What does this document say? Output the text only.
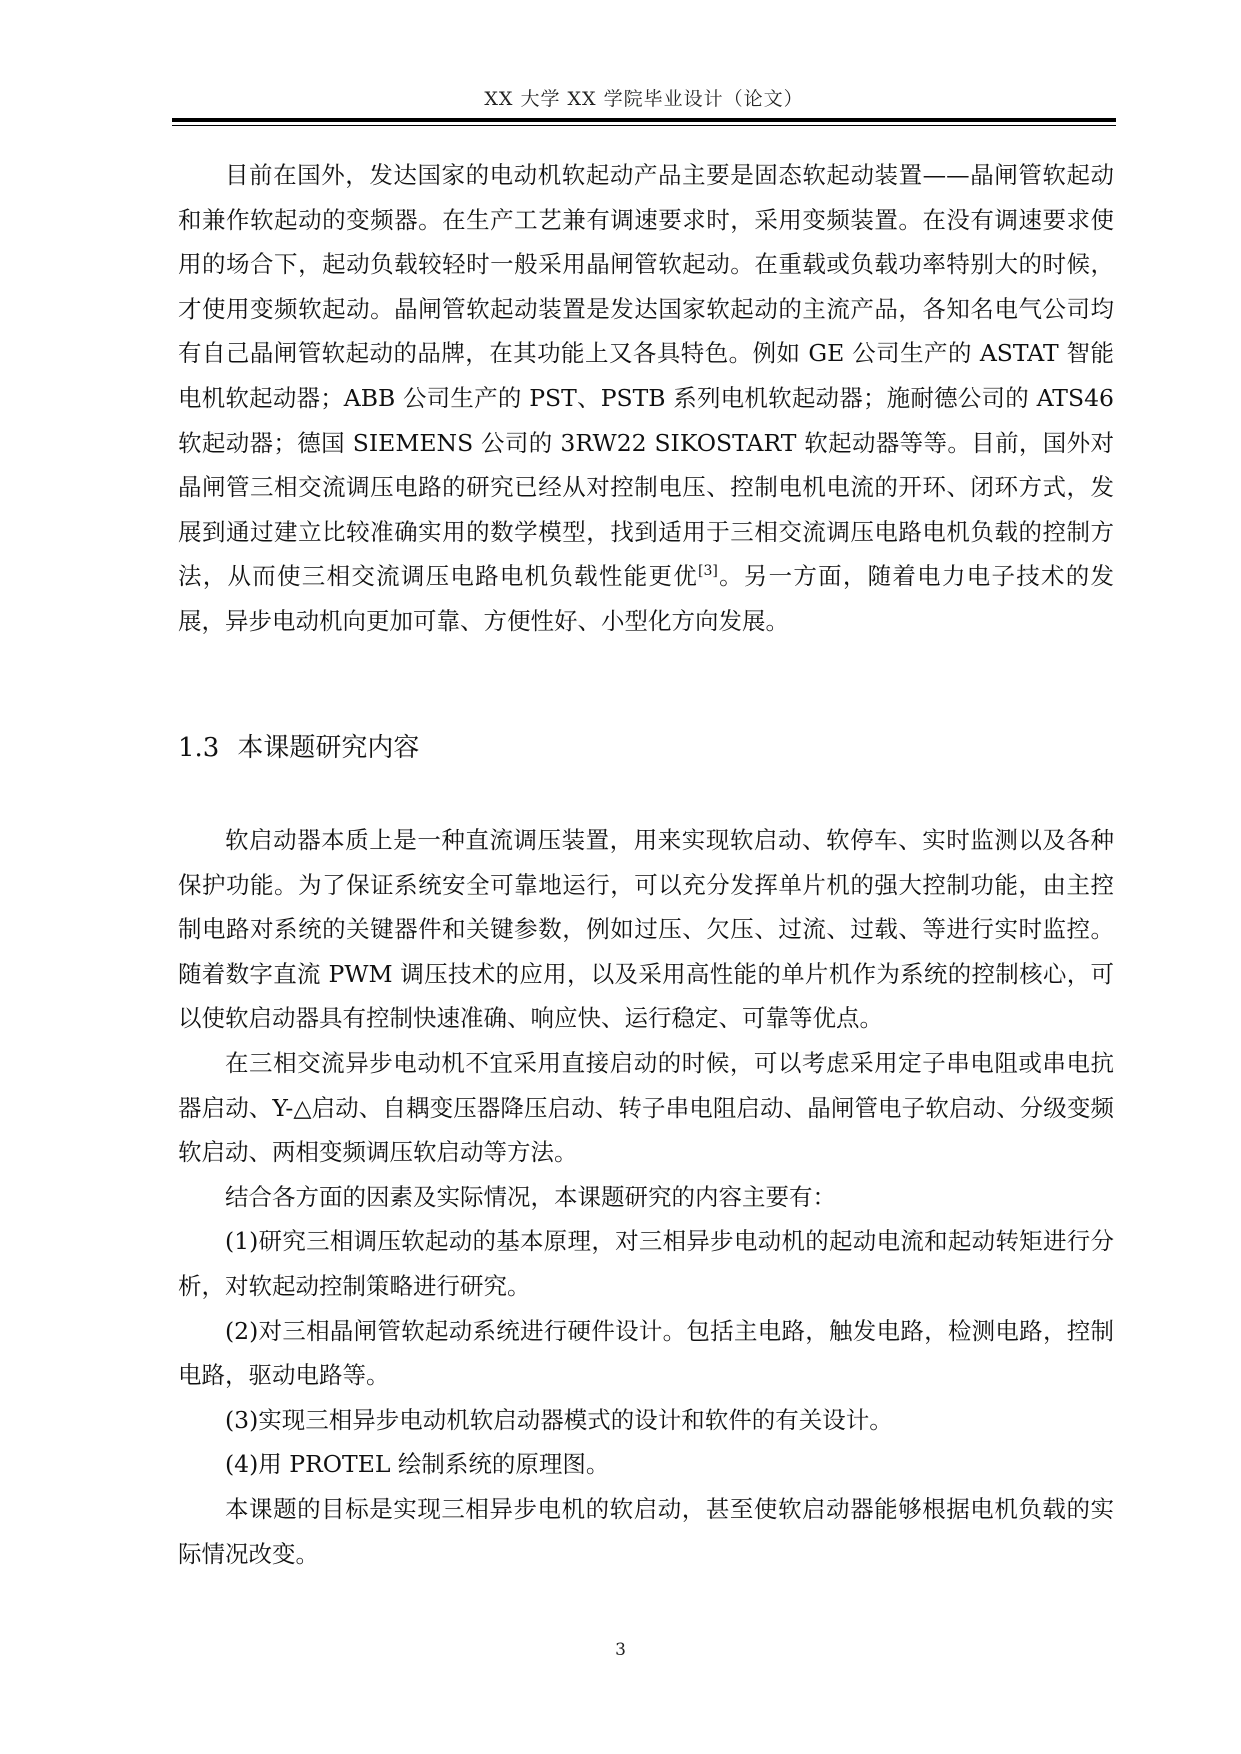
XX 大学 XX 学院毕业设计（论文）

目前在国外，发达国家的电动机软起动产品主要是固态软起动装置——晶闸管软起动和兼作软起动的变频器。在生产工艺兼有调速要求时，采用变频装置。在没有调速要求使用的场合下，起动负载较轻时一般采用晶闸管软起动。在重载或负载功率特别大的时候，才使用变频软起动。晶闸管软起动装置是发达国家软起动的主流产品，各知名电气公司均有自己晶闸管软起动的品牌，在其功能上又各具特色。例如 GE 公司生产的 ASTAT 智能电机软起动器；ABB 公司生产的 PST、PSTB 系列电机软起动器；施耐德公司的 ATS46 软起动器；德国 SIEMENS 公司的 3RW22 SIKOSTART 软起动器等等。目前，国外对晶闸管三相交流调压电路的研究已经从对控制电压、控制电机电流的开环、闭环方式，发展到通过建立比较准确实用的数学模型，找到适用于三相交流调压电路电机负载的控制方法，从而使三相交流调压电路电机负载性能更优[3]。另一方面，随着电力电子技术的发展，异步电动机向更加可靠、方便性好、小型化方向发展。

1.3 本课题研究内容

软启动器本质上是一种直流调压装置，用来实现软启动、软停车、实时监测以及各种保护功能。为了保证系统安全可靠地运行，可以充分发挥单片机的强大控制功能，由主控制电路对系统的关键器件和关键参数，例如过压、欠压、过流、过载、等进行实时监控。随着数字直流 PWM 调压技术的应用，以及采用高性能的单片机作为系统的控制核心，可以使软启动器具有控制快速准确、响应快、运行稳定、可靠等优点。

在三相交流异步电动机不宜采用直接启动的时候，可以考虑采用定子串电阻或串电抗器启动、Y-△启动、自耦变压器降压启动、转子串电阻启动、晶闸管电子软启动、分级变频软启动、两相变频调压软启动等方法。

结合各方面的因素及实际情况，本课题研究的内容主要有：

(1)研究三相调压软起动的基本原理，对三相异步电动机的起动电流和起动转矩进行分析，对软起动控制策略进行研究。

(2)对三相晶闸管软起动系统进行硬件设计。包括主电路，触发电路，检测电路，控制电路，驱动电路等。

(3)实现三相异步电动机软启动器模式的设计和软件的有关设计。

(4)用 PROTEL 绘制系统的原理图。

本课题的目标是实现三相异步电机的软启动，甚至使软启动器能够根据电机负载的实际情况改变。

3
